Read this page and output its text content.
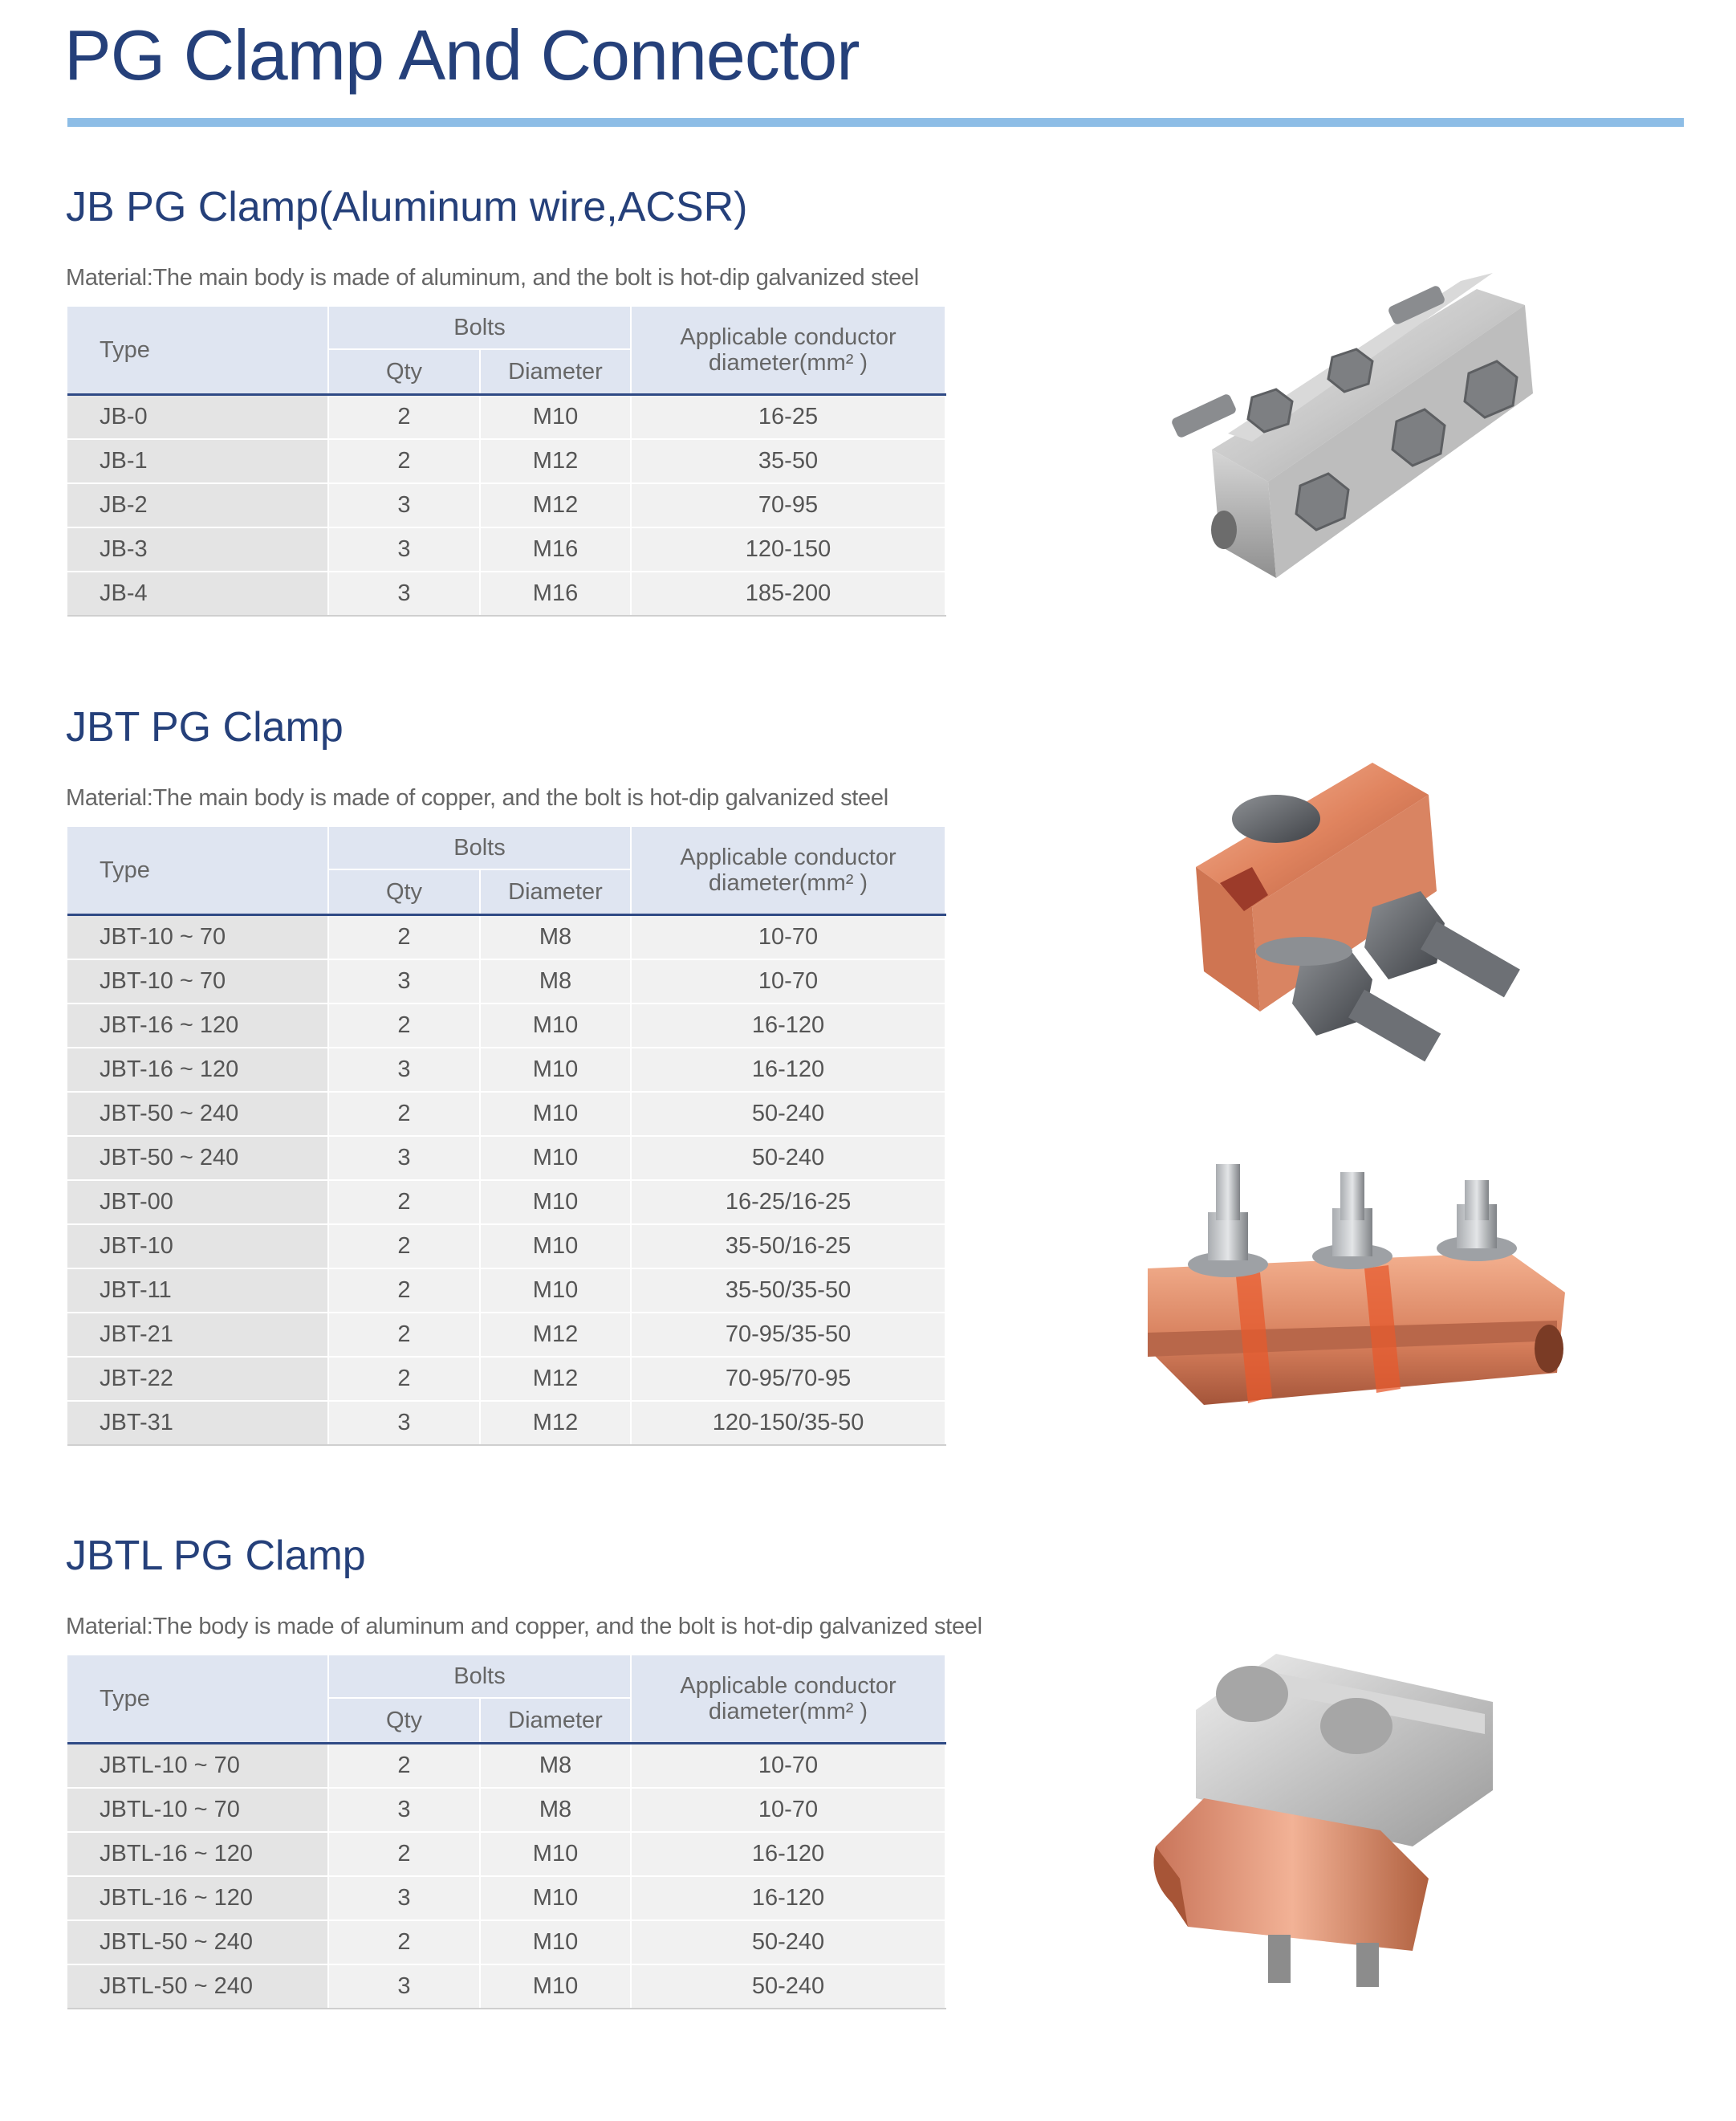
PG Clamp And Connector
JB PG Clamp(Aluminum wire,ACSR)
Material:The main body is made of aluminum, and the bolt is hot-dip galvanized steel
Type	Bolts		Applicable conductor
diameter(mm² )
	Qty	Diameter	
JB-0	2	M10	16-25
JB-1	2	M12	35-50
JB-2	3	M12	70-95
JB-3	3	M16	120-150
JB-4	3	M16	185-200
JBT PG Clamp
Material:The main body is made of copper, and the bolt is hot-dip galvanized steel
Type	Bolts		Applicable conductor
diameter(mm² )
	Qty	Diameter	
JBT-10 ~ 70	2	M8	10-70
JBT-10 ~ 70	3	M8	10-70
JBT-16 ~ 120	2	M10	16-120
JBT-16 ~ 120	3	M10	16-120
JBT-50 ~ 240	2	M10	50-240
JBT-50 ~ 240	3	M10	50-240
JBT-00	2	M10	16-25/16-25
JBT-10	2	M10	35-50/16-25
JBT-11	2	M10	35-50/35-50
JBT-21	2	M12	70-95/35-50
JBT-22	2	M12	70-95/70-95
JBT-31	3	M12	120-150/35-50
JBTL PG Clamp
Material:The body is made of aluminum and copper, and the bolt is hot-dip galvanized steel
Type	Bolts		Applicable conductor
diameter(mm² )
	Qty	Diameter	
JBTL-10 ~ 70	2	M8	10-70
JBTL-10 ~ 70	3	M8	10-70
JBTL-16 ~ 120	2	M10	16-120
JBTL-16 ~ 120	3	M10	16-120
JBTL-50 ~ 240	2	M10	50-240
JBTL-50 ~ 240	3	M10	50-240
